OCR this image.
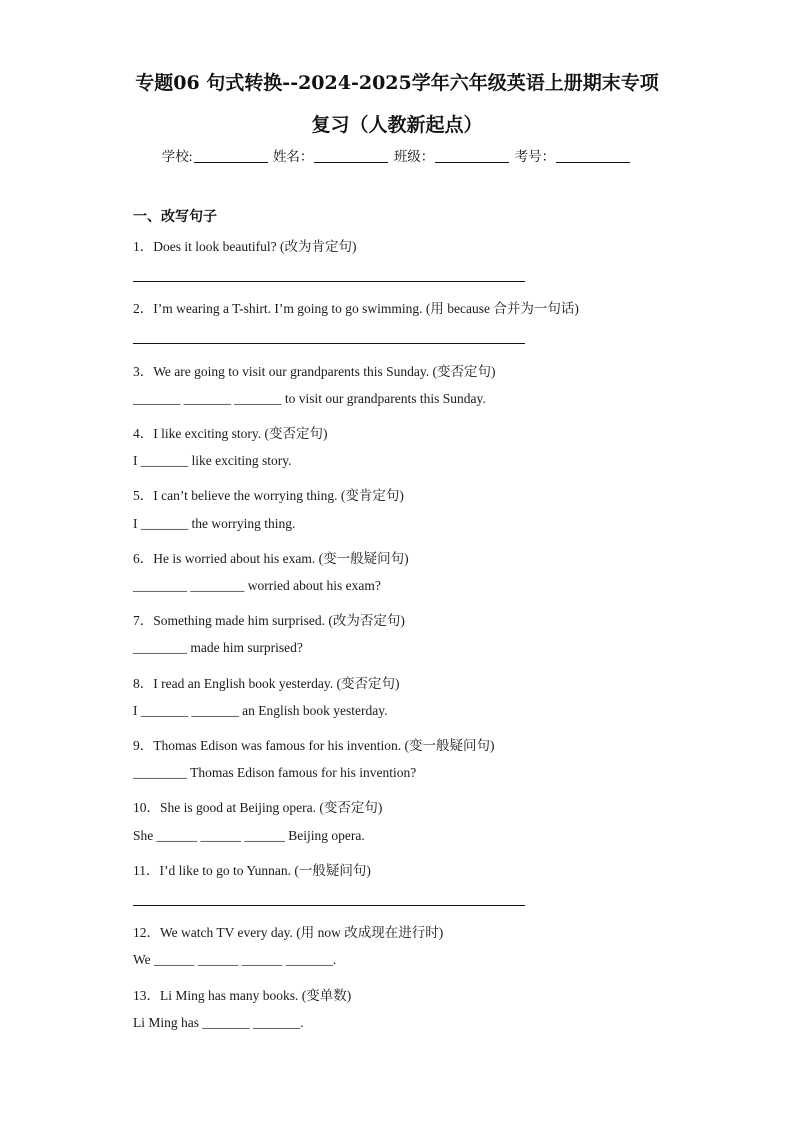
专题06 句式转换--2024-2025学年六年级英语上册期末专项
复习（人教新起点）
学校:	姓名：	班级：	考号：
一、改写句子
1．Does it look beautiful? (改为肯定句)
2．I’m wearing a T-shirt. I’m going to go swimming. (用 because 合并为一句话)
3．We are going to visit our grandparents this Sunday. (变否定句)
_______ _______ _______ to visit our grandparents this Sunday.
4．I like exciting story. (变否定句)
I _______ like exciting story.
5．I can’t believe the worrying thing. (变肯定句)
I _______ the worrying thing.
6．He is worried about his exam. (变一般疑问句)
________ ________ worried about his exam?
7．Something made him surprised. (改为否定句)
________ made him surprised?
8．I read an English book yesterday. (变否定句)
I _______ _______ an English book yesterday.
9．Thomas Edison was famous for his invention. (变一般疑问句)
________ Thomas Edison famous for his invention?
10．She is good at Beijing opera. (变否定句)
She ______ ______ ______ Beijing opera.
11．I’d like to go to Yunnan. (一般疑问句)
12．We watch TV every day. (用 now 改成现在进行时)
We ______ ______ ______ _______.
13．Li Ming has many books. (变单数)
Li Ming has _______ _______.
